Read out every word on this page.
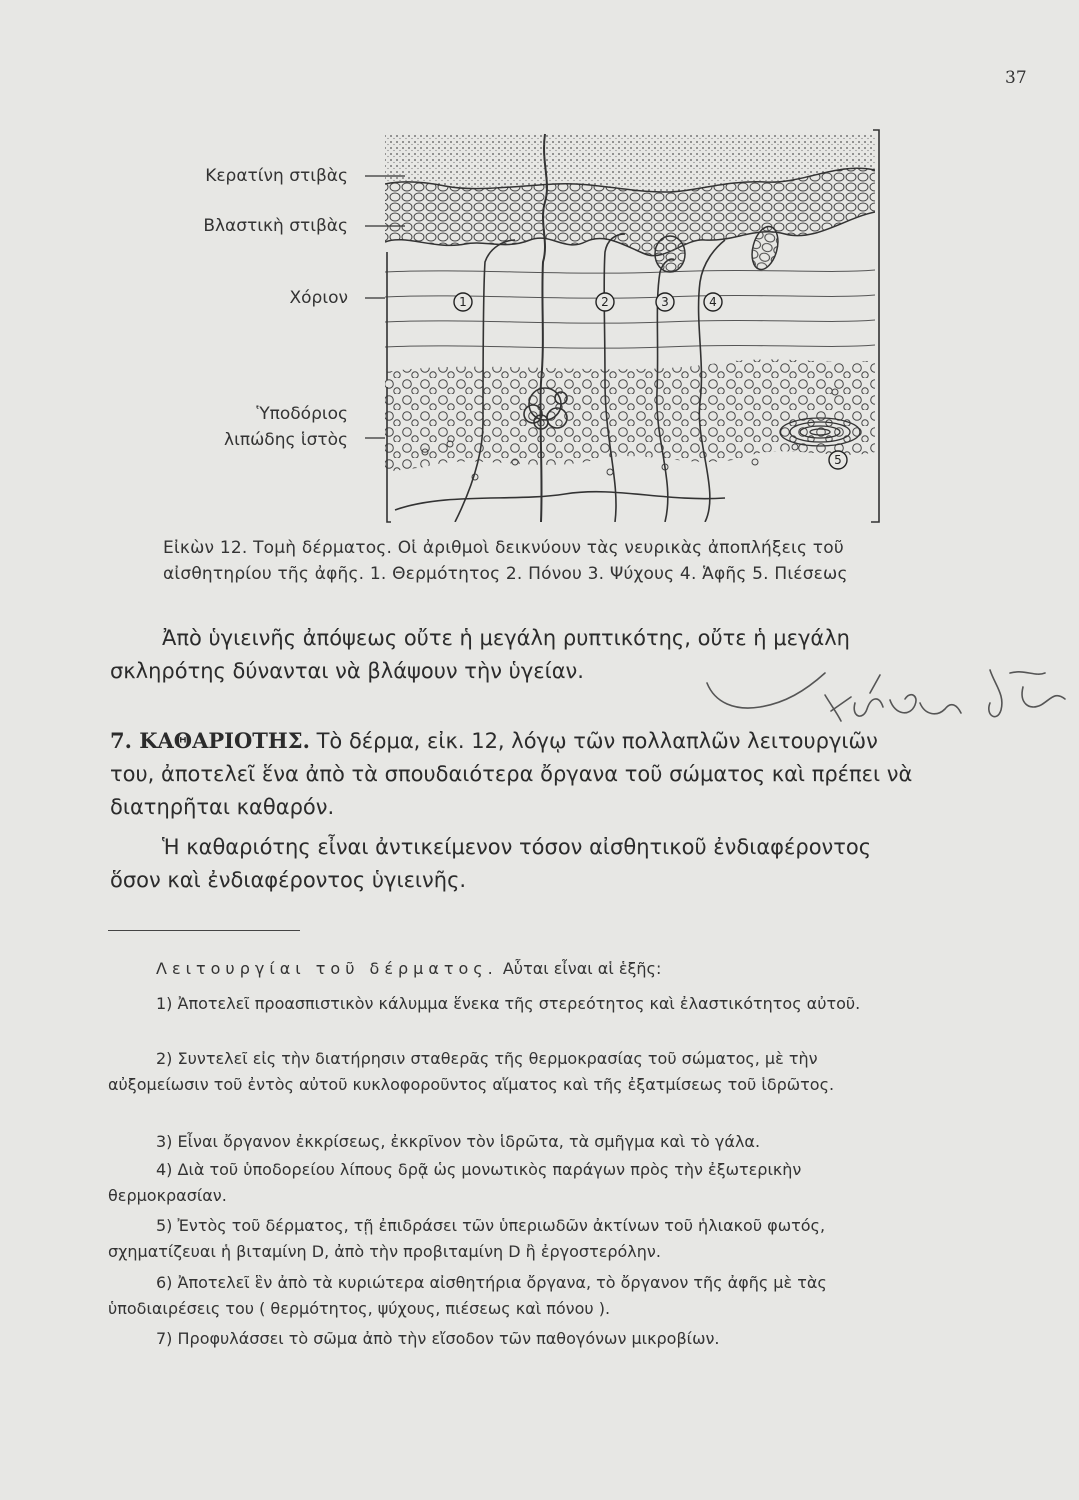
37
Κερατίνη στιβὰς
Βλαστικὴ στιβὰς
Χόριον
Ὑποδόριος
λιπώδης ἱστὸς
1	2	3	4
5
Εἰκὼν 12. Τομὴ δέρματος. Οἱ ἀριθμοὶ δεικνύουν τὰς νευρικὰς ἀποπλήξεις τοῦ αἰσθητηρίου τῆς ἀφῆς. 1. Θερμότητος 2. Πόνου 3. Ψύχους 4. Ἁφῆς 5. Πιέσεως
Ἀπὸ ὑγιεινῆς ἀπόψεως οὔτε ἡ μεγάλη ρυπτικότης, οὔτε ἡ μεγάλη σκληρότης δύνανται νὰ βλάψουν τὴν ὑγείαν.
7. ΚΑΘΑΡΙΟΤΗΣ. Τὸ δέρμα, εἰκ. 12, λόγῳ τῶν πολλαπλῶν λειτουργιῶν του, ἀποτελεῖ ἕνα ἀπὸ τὰ σπουδαιότερα ὄργανα τοῦ σώματος καὶ πρέπει νὰ διατηρῆται καθαρόν.
Ἡ καθαριότης εἶναι ἀντικείμενον τόσον αἰσθητικοῦ ἐνδιαφέροντος ὅσον καὶ ἐνδιαφέροντος ὑγιεινῆς.
Λειτουργίαι τοῦ δέρματος. Αὗται εἶναι αἱ ἑξῆς:
1) Ἀποτελεῖ προασπιστικὸν κάλυμμα ἕνεκα τῆς στερεότητος καὶ ἐλαστικότητος αὐτοῦ.
2) Συντελεῖ εἰς τὴν διατήρησιν σταθερᾶς τῆς θερμοκρασίας τοῦ σώματος, μὲ τὴν αὐξομείωσιν τοῦ ἐντὸς αὐτοῦ κυκλοφοροῦντος αἵματος καὶ τῆς ἐξατμίσεως τοῦ ἱδρῶτος.
3) Εἶναι ὄργανον ἐκκρίσεως, ἐκκρῖνον τὸν ἱδρῶτα, τὰ σμῆγμα καὶ τὸ γάλα.
4) Διὰ τοῦ ὑποδορείου λίπους δρᾷ ὡς μονωτικὸς παράγων πρὸς τὴν ἐξωτερικὴν θερμοκρασίαν.
5) Ἐντὸς τοῦ δέρματος, τῇ ἐπιδράσει τῶν ὑπεριωδῶν ἀκτίνων τοῦ ἡλιακοῦ φωτός, σχηματίζευαι ἡ βιταμίνη D, ἀπὸ τὴν προβιταμίνη D ἢ ἐργοστερόλην.
6) Ἀποτελεῖ ἓν ἀπὸ τὰ κυριώτερα αἰσθητήρια ὄργανα, τὸ ὄργανον τῆς ἀφῆς μὲ τὰς ὑποδιαιρέσεις του ( θερμότητος, ψύχους, πιέσεως καὶ πόνου ).
7) Προφυλάσσει τὸ σῶμα ἀπὸ τὴν εἴσοδον τῶν παθογόνων μικροβίων.
